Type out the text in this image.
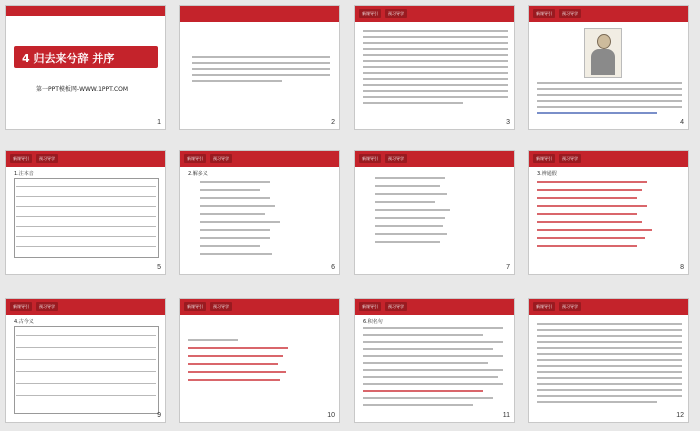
4 归去来兮辞 并序
第一PPT模板网-WWW.1PPT.COM
1	2
新课导引	预习导学
3
新课导引	预习导学
4
新课导引	预习导学
1.注本音
5
新课导引	预习导学
2.解多义
6
新课导引	预习导学
7
新课导引	预习导学
3.辨通假
8
新课导引	预习导学
4.古今义
9
新课导引	预习导学
10
新课导引	预习导学
6.积名句
11
新课导引	预习导学
12
